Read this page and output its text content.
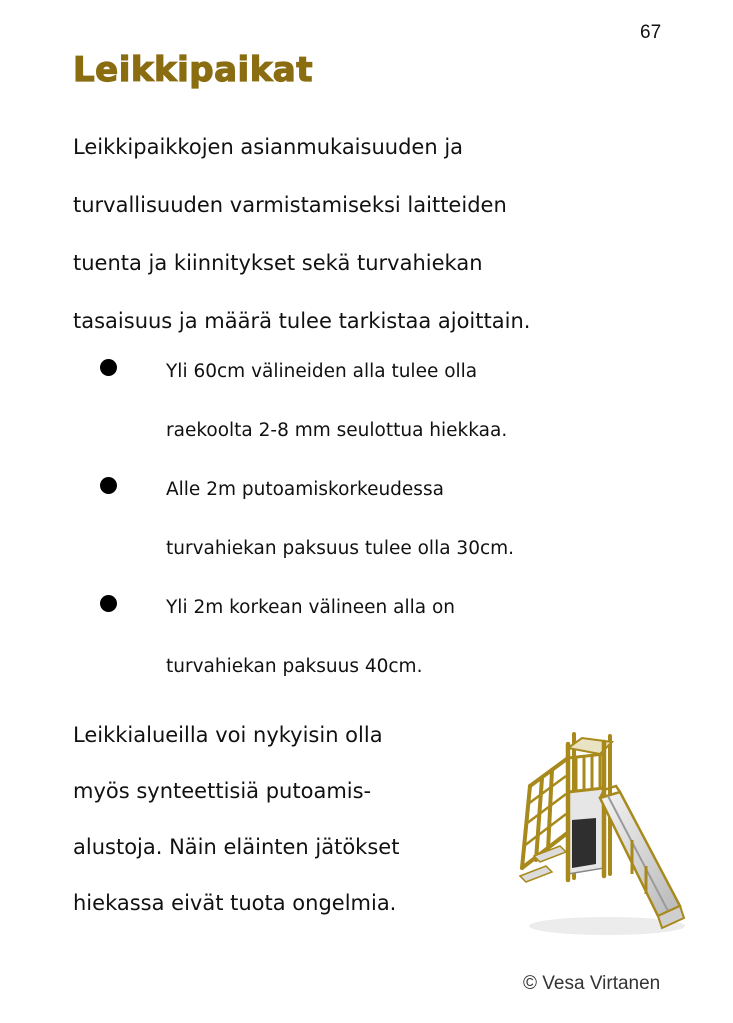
67
Leikkipaikat

Leikkipaikkojen asianmukaisuuden ja
turvallisuuden varmistamiseksi laitteiden
tuenta ja kiinnitykset sekä turvahiekan
tasaisuus ja määrä tulee tarkistaa ajoittain.

Yli 60cm välineiden alla tulee olla
raekoolta 2-8 mm seulottua hiekkaa.
Alle 2m putoamiskorkeudessa
turvahiekan paksuus tulee olla 30cm.
Yli 2m korkean välineen alla on
turvahiekan paksuus 40cm.

Leikkialueilla voi nykyisin olla
myös synteettisiä putoamis-
alustoja. Näin eläinten jätökset
hiekassa eivät tuota ongelmia.

© Vesa Virtanen
